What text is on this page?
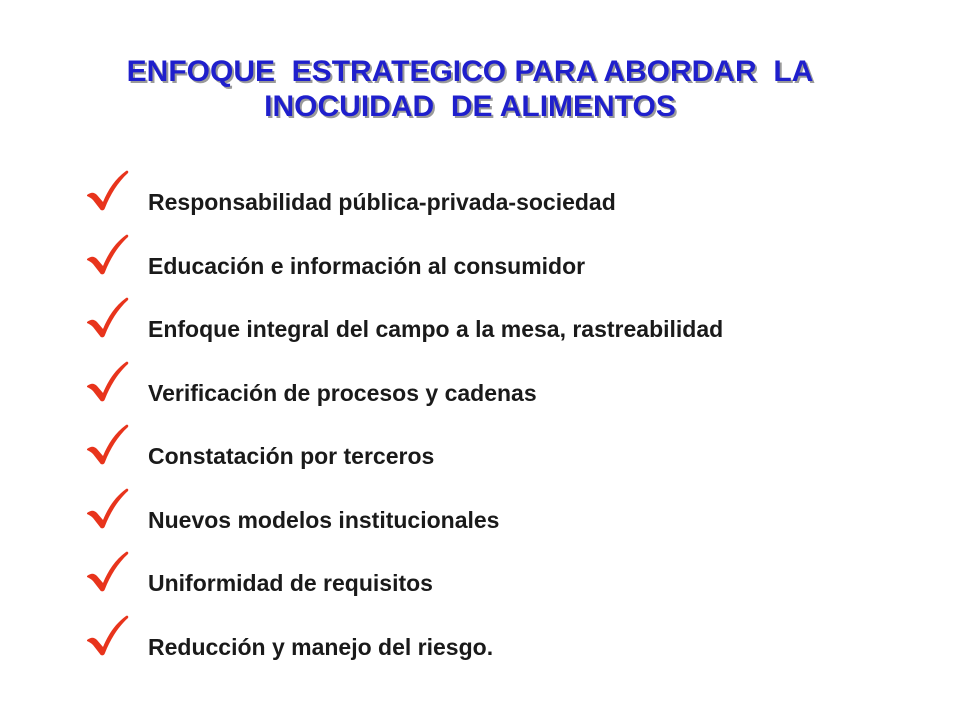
ENFOQUE  ESTRATEGICO PARA ABORDAR  LA
INOCUIDAD  DE ALIMENTOS
Responsabilidad pública-privada-sociedad
Educación e información al consumidor
Enfoque integral del campo a la mesa, rastreabilidad
Verificación de procesos y cadenas
Constatación por terceros
Nuevos modelos institucionales
Uniformidad de requisitos
Reducción y manejo del riesgo.
